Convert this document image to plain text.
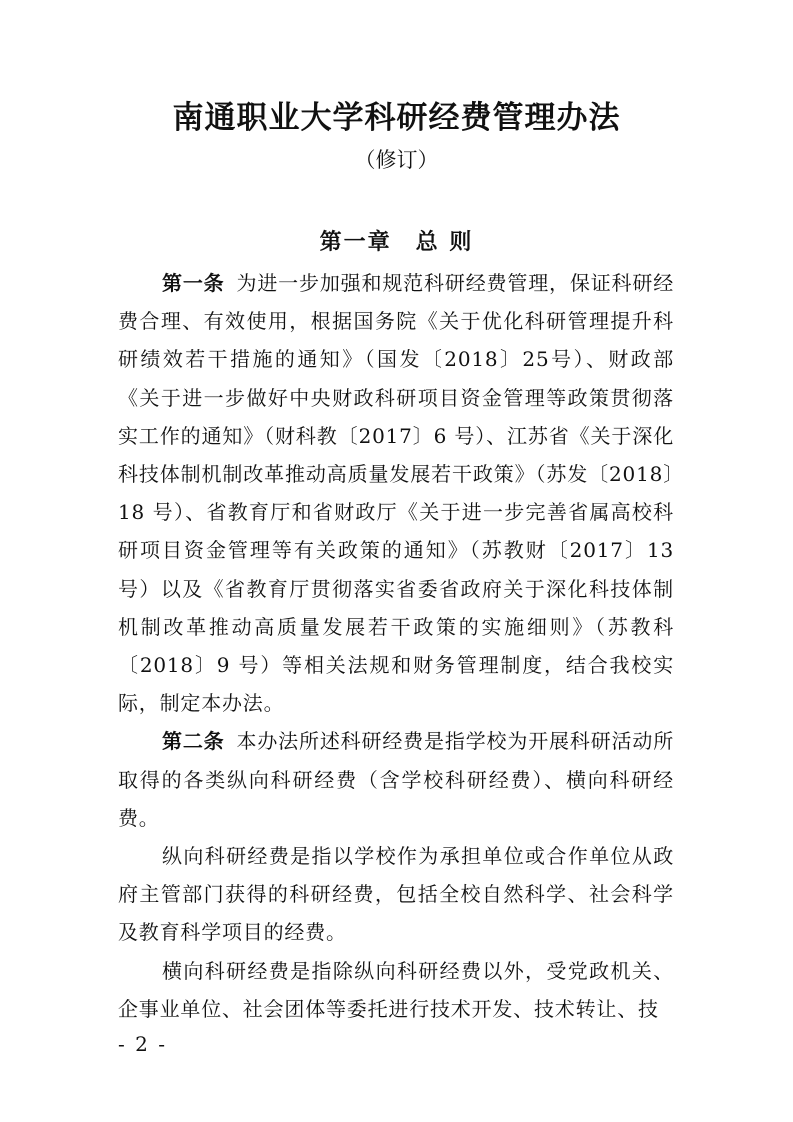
南通职业大学科研经费管理办法
（修订）
第一章　总 则

第一条 为进一步加强和规范科研经费管理，保证科研经费合理、有效使用，根据国务院《关于优化科研管理提升科研绩效若干措施的通知》（国发〔2018〕25号）、财政部《关于进一步做好中央财政科研项目资金管理等政策贯彻落实工作的通知》（财科教〔2017〕6 号）、江苏省《关于深化科技体制机制改革推动高质量发展若干政策》（苏发〔2018〕18 号）、省教育厅和省财政厅《关于进一步完善省属高校科研项目资金管理等有关政策的通知》（苏教财〔2017〕13号）以及《省教育厅贯彻落实省委省政府关于深化科技体制机制改革推动高质量发展若干政策的实施细则》（苏教科〔2018〕9 号）等相关法规和财务管理制度，结合我校实际，制定本办法。

第二条 本办法所述科研经费是指学校为开展科研活动所取得的各类纵向科研经费（含学校科研经费）、横向科研经费。

纵向科研经费是指以学校作为承担单位或合作单位从政府主管部门获得的科研经费，包括全校自然科学、社会科学及教育科学项目的经费。

横向科研经费是指除纵向科研经费以外，受党政机关、企事业单位、社会团体等委托进行技术开发、技术转让、技

- 2 -
